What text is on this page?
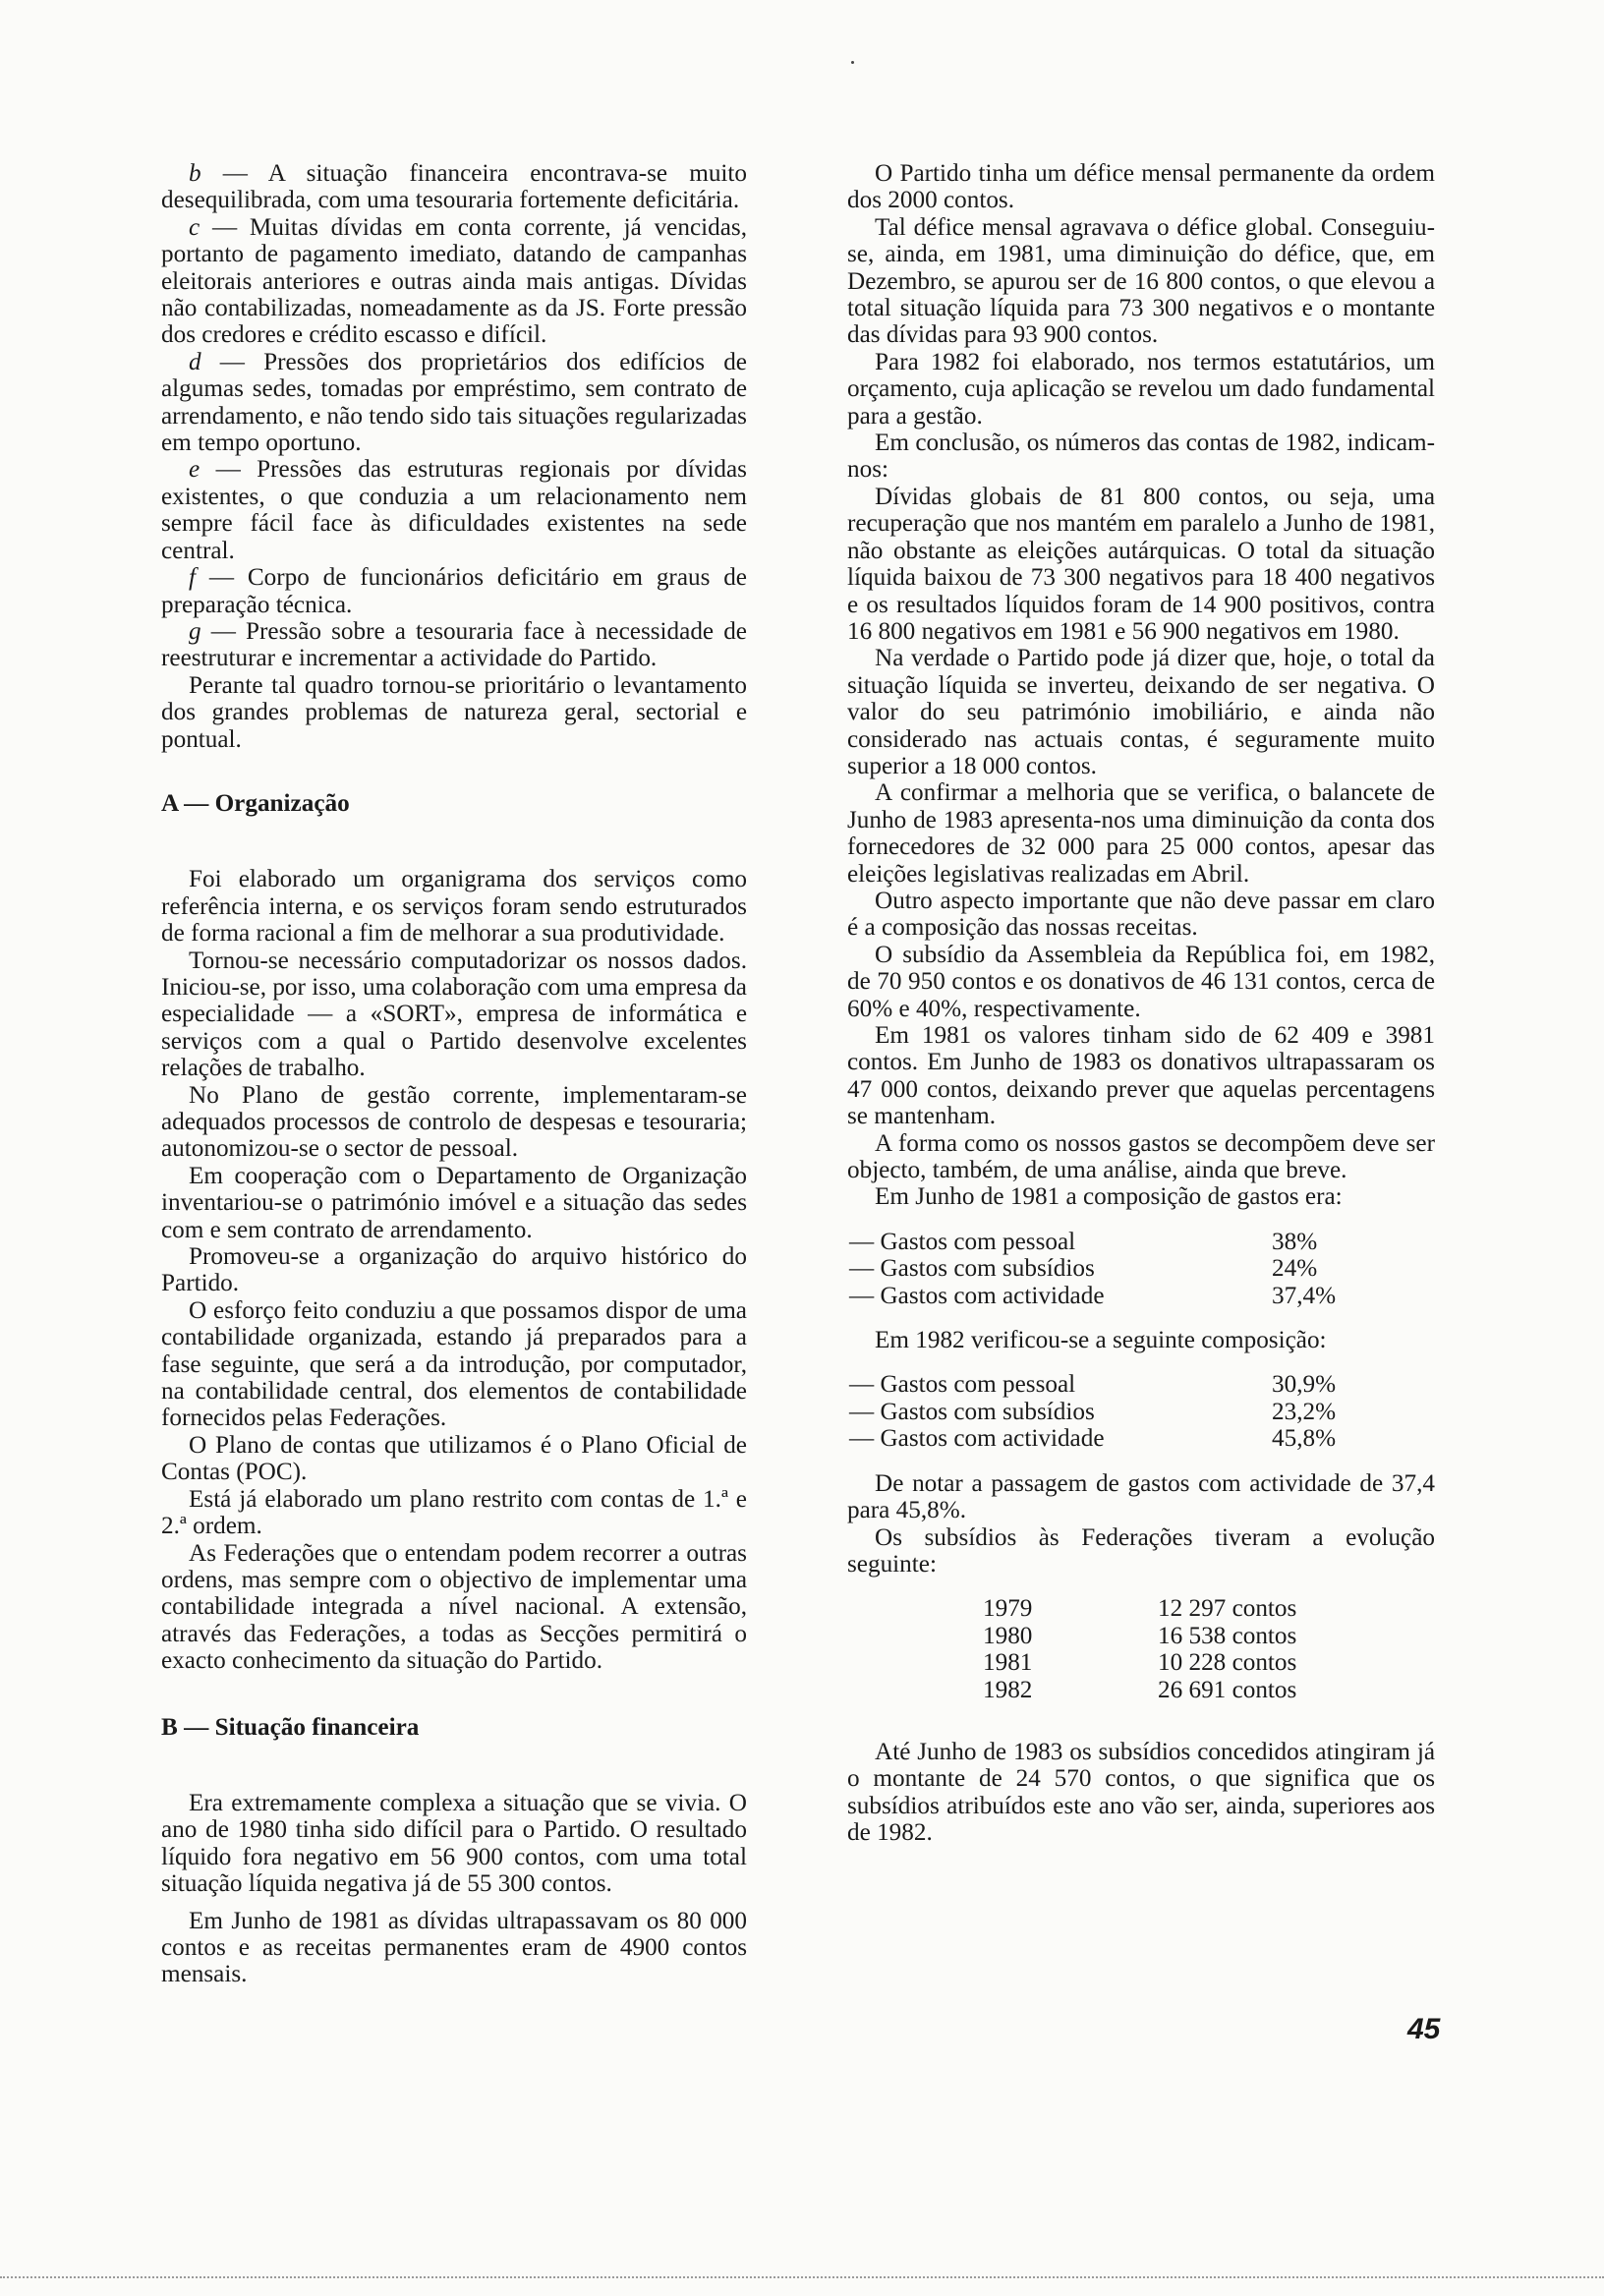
b — A situação financeira encontrava-se muito desequilibrada, com uma tesouraria fortemente deficitária.

c — Muitas dívidas em conta corrente, já vencidas, portanto de pagamento imediato, datando de campanhas eleitorais anteriores e outras ainda mais antigas. Dívidas não contabilizadas, nomeadamente as da JS. Forte pressão dos credores e crédito escasso e difícil.

d — Pressões dos proprietários dos edifícios de algumas sedes, tomadas por empréstimo, sem contrato de arrendamento, e não tendo sido tais situações regularizadas em tempo oportuno.

e — Pressões das estruturas regionais por dívidas existentes, o que conduzia a um relacionamento nem sempre fácil face às dificuldades existentes na sede central.

f — Corpo de funcionários deficitário em graus de preparação técnica.

g — Pressão sobre a tesouraria face à necessidade de reestruturar e incrementar a actividade do Partido.

Perante tal quadro tornou-se prioritário o levantamento dos grandes problemas de natureza geral, sectorial e pontual.

A — Organização

Foi elaborado um organigrama dos serviços como referência interna, e os serviços foram sendo estruturados de forma racional a fim de melhorar a sua produtividade.

Tornou-se necessário computadorizar os nossos dados. Iniciou-se, por isso, uma colaboração com uma empresa da especialidade — a «SORT», empresa de informática e serviços com a qual o Partido desenvolve excelentes relações de trabalho.

No Plano de gestão corrente, implementaram-se adequados processos de controlo de despesas e tesouraria; autonomizou-se o sector de pessoal.

Em cooperação com o Departamento de Organização inventariou-se o património imóvel e a situação das sedes com e sem contrato de arrendamento.

Promoveu-se a organização do arquivo histórico do Partido.

O esforço feito conduziu a que possamos dispor de uma contabilidade organizada, estando já preparados para a fase seguinte, que será a da introdução, por computador, na contabilidade central, dos elementos de contabilidade fornecidos pelas Federações.

O Plano de contas que utilizamos é o Plano Oficial de Contas (POC).

Está já elaborado um plano restrito com contas de 1.ª e 2.ª ordem.

As Federações que o entendam podem recorrer a outras ordens, mas sempre com o objectivo de implementar uma contabilidade integrada a nível nacional. A extensão, através das Federações, a todas as Secções permitirá o exacto conhecimento da situação do Partido.

B — Situação financeira

Era extremamente complexa a situação que se vivia. O ano de 1980 tinha sido difícil para o Partido. O resultado líquido fora negativo em 56 900 contos, com uma total situação líquida negativa já de 55 300 contos.

Em Junho de 1981 as dívidas ultrapassavam os 80 000 contos e as receitas permanentes eram de 4900 contos mensais.

O Partido tinha um défice mensal permanente da ordem dos 2000 contos.

Tal défice mensal agravava o défice global. Conseguiu-se, ainda, em 1981, uma diminuição do défice, que, em Dezembro, se apurou ser de 16 800 contos, o que elevou a total situação líquida para 73 300 negativos e o montante das dívidas para 93 900 contos.

Para 1982 foi elaborado, nos termos estatutários, um orçamento, cuja aplicação se revelou um dado fundamental para a gestão.

Em conclusão, os números das contas de 1982, indicam-nos:

Dívidas globais de 81 800 contos, ou seja, uma recuperação que nos mantém em paralelo a Junho de 1981, não obstante as eleições autárquicas. O total da situação líquida baixou de 73 300 negativos para 18 400 negativos e os resultados líquidos foram de 14 900 positivos, contra 16 800 negativos em 1981 e 56 900 negativos em 1980.

Na verdade o Partido pode já dizer que, hoje, o total da situação líquida se inverteu, deixando de ser negativa. O valor do seu património imobiliário, e ainda não considerado nas actuais contas, é seguramente muito superior a 18 000 contos.

A confirmar a melhoria que se verifica, o balancete de Junho de 1983 apresenta-nos uma diminuição da conta dos fornecedores de 32 000 para 25 000 contos, apesar das eleições legislativas realizadas em Abril.

Outro aspecto importante que não deve passar em claro é a composição das nossas receitas.

O subsídio da Assembleia da República foi, em 1982, de 70 950 contos e os donativos de 46 131 contos, cerca de 60% e 40%, respectivamente.

Em 1981 os valores tinham sido de 62 409 e 3981 contos. Em Junho de 1983 os donativos ultrapassaram os 47 000 contos, deixando prever que aquelas percentagens se mantenham.

A forma como os nossos gastos se decompõem deve ser objecto, também, de uma análise, ainda que breve.

Em Junho de 1981 a composição de gastos era:

— Gastos com pessoal	38%
— Gastos com subsídios	24%
— Gastos com actividade	37,4%

Em 1982 verificou-se a seguinte composição:

— Gastos com pessoal	30,9%
— Gastos com subsídios	23,2%
— Gastos com actividade	45,8%

De notar a passagem de gastos com actividade de 37,4 para 45,8%.

Os subsídios às Federações tiveram a evolução seguinte:

1979	12 297 contos
1980	16 538 contos
1981	10 228 contos
1982	26 691 contos

Até Junho de 1983 os subsídios concedidos atingiram já o montante de 24 570 contos, o que significa que os subsídios atribuídos este ano vão ser, ainda, superiores aos de 1982.

45
